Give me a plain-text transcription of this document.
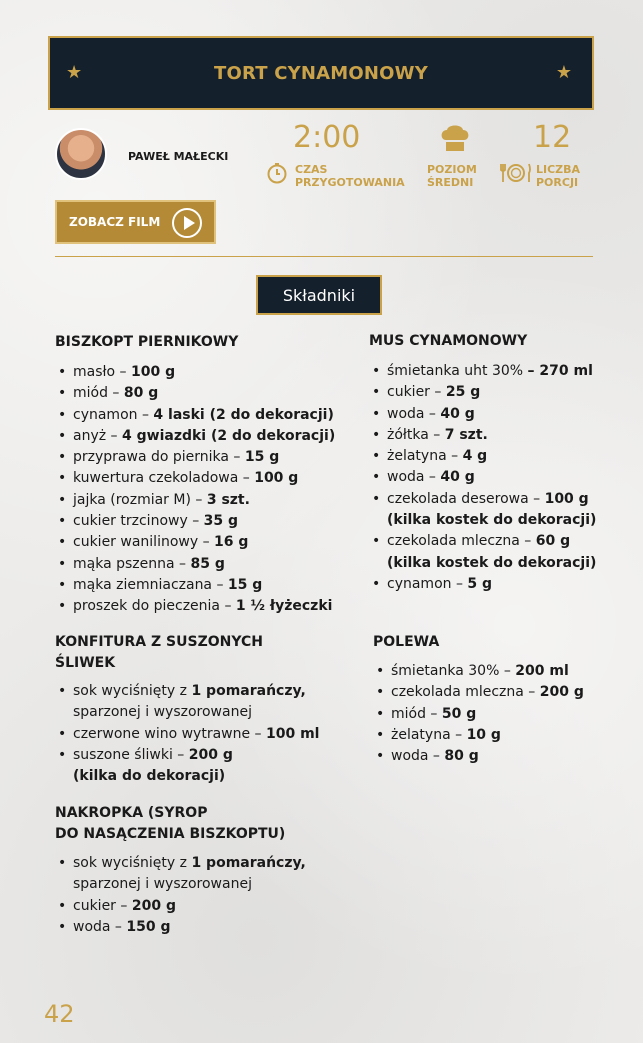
★	TORT CYNAMONOWY	★
PAWEŁ MAŁECKI
2:00
CZAS
PRZYGOTOWANIA
POZIOM
ŚREDNI
12
LICZBA
PORCJI
ZOBACZ FILM
Składniki
BISZKOPT PIERNIKOWY
• masło – 100 g
• miód – 80 g
• cynamon – 4 laski (2 do dekoracji)
• anyż – 4 gwiazdki (2 do dekoracji)
• przyprawa do piernika – 15 g
• kuwertura czekoladowa – 100 g
• jajka (rozmiar M) – 3 szt.
• cukier trzcinowy – 35 g
• cukier wanilinowy – 16 g
• mąka pszenna – 85 g
• mąka ziemniaczana – 15 g
• proszek do pieczenia – 1 ½ łyżeczki
KONFITURA Z SUSZONYCH
ŚLIWEK
• sok wyciśnięty z 1 pomarańczy,
sparzonej i wyszorowanej
• czerwone wino wytrawne – 100 ml
• suszone śliwki – 200 g
(kilka do dekoracji)
NAKROPKA (SYROP
DO NASĄCZENIA BISZKOPTU)
• sok wyciśnięty z 1 pomarańczy,
sparzonej i wyszorowanej
• cukier – 200 g
• woda – 150 g
MUS CYNAMONOWY
• śmietanka uht 30% – 270 ml
• cukier – 25 g
• woda – 40 g
• żółtka – 7 szt.
• żelatyna – 4 g
• woda – 40 g
• czekolada deserowa – 100 g
(kilka kostek do dekoracji)
• czekolada mleczna – 60 g
(kilka kostek do dekoracji)
• cynamon – 5 g
POLEWA
• śmietanka 30% – 200 ml
• czekolada mleczna – 200 g
• miód – 50 g
• żelatyna – 10 g
• woda – 80 g
42
